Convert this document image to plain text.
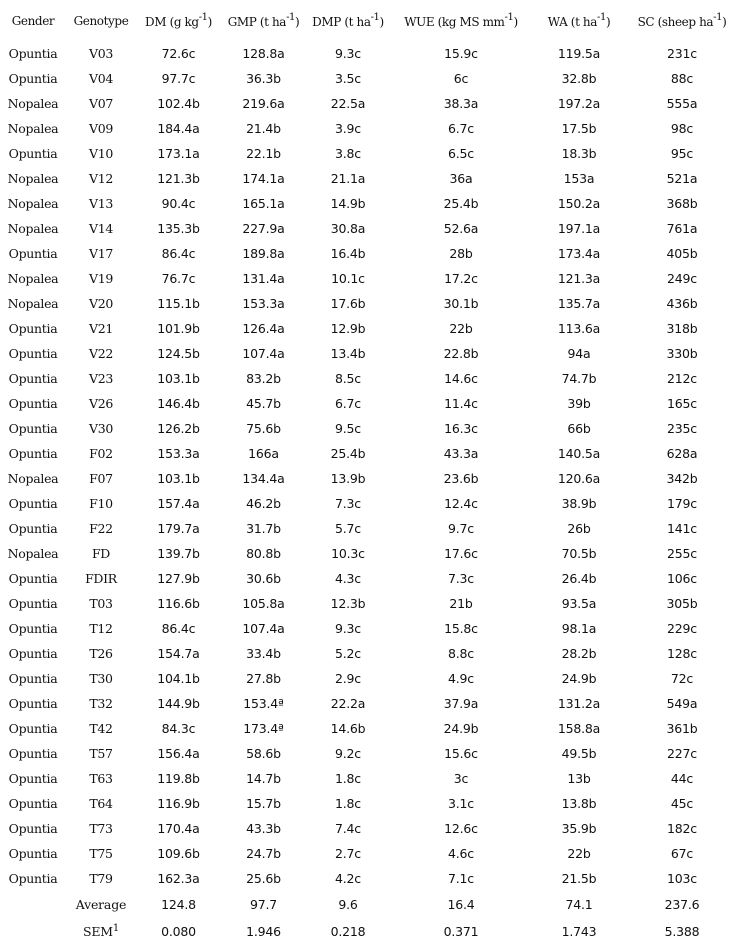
Gender	Genotype	DM (g $kg^{-1}$)	GMP (t $ha^{-1}$)	DMP (t $ha^{-1}$)	WUE (kg MS $mm^{-1}$)	WA (t $ha^{-1}$)	SC (sheep $ha^{-1}$)
Opuntia	V03	72.6c	128.8a	9.3c	15.9c	119.5a	231c
Opuntia	V04	97.7c	36.3b	3.5c	6c	32.8b	88c
Nopalea	V07	102.4b	219.6a	22.5a	38.3a	197.2a	555a
Nopalea	V09	184.4a	21.4b	3.9c	6.7c	17.5b	98c
Opuntia	V10	173.1a	22.1b	3.8c	6.5c	18.3b	95c
Nopalea	V12	121.3b	174.1a	21.1a	36a	153a	521a
Nopalea	V13	90.4c	165.1a	14.9b	25.4b	150.2a	368b
Nopalea	V14	135.3b	227.9a	30.8a	52.6a	197.1a	761a
Opuntia	V17	86.4c	189.8a	16.4b	28b	173.4a	405b
Nopalea	V19	76.7c	131.4a	10.1c	17.2c	121.3a	249c
Nopalea	V20	115.1b	153.3a	17.6b	30.1b	135.7a	436b
Opuntia	V21	101.9b	126.4a	12.9b	22b	113.6a	318b
Opuntia	V22	124.5b	107.4a	13.4b	22.8b	94a	330b
Opuntia	V23	103.1b	83.2b	8.5c	14.6c	74.7b	212c
Opuntia	V26	146.4b	45.7b	6.7c	11.4c	39b	165c
Opuntia	V30	126.2b	75.6b	9.5c	16.3c	66b	235c
Opuntia	F02	153.3a	166a	25.4b	43.3a	140.5a	628a
Nopalea	F07	103.1b	134.4a	13.9b	23.6b	120.6a	342b
Opuntia	F10	157.4a	46.2b	7.3c	12.4c	38.9b	179c
Opuntia	F22	179.7a	31.7b	5.7c	9.7c	26b	141c
Nopalea	FD	139.7b	80.8b	10.3c	17.6c	70.5b	255c
Opuntia	FDIR	127.9b	30.6b	4.3c	7.3c	26.4b	106c
Opuntia	T03	116.6b	105.8a	12.3b	21b	93.5a	305b
Opuntia	T12	86.4c	107.4a	9.3c	15.8c	98.1a	229c
Opuntia	T26	154.7a	33.4b	5.2c	8.8c	28.2b	128c
Opuntia	T30	104.1b	27.8b	2.9c	4.9c	24.9b	72c
Opuntia	T32	144.9b	153.4ª	22.2a	37.9a	131.2a	549a
Opuntia	T42	84.3c	173.4ª	14.6b	24.9b	158.8a	361b
Opuntia	T57	156.4a	58.6b	9.2c	15.6c	49.5b	227c
Opuntia	T63	119.8b	14.7b	1.8c	3c	13b	44c
Opuntia	T64	116.9b	15.7b	1.8c	3.1c	13.8b	45c
Opuntia	T73	170.4a	43.3b	7.4c	12.6c	35.9b	182c
Opuntia	T75	109.6b	24.7b	2.7c	4.6c	22b	67c
Opuntia	T79	162.3a	25.6b	4.2c	7.1c	21.5b	103c
	Average	124.8	97.7	9.6	16.4	74.1	237.6
	SEM$^1$	0.080	1.946	0.218	0.371	1.743	5.388
